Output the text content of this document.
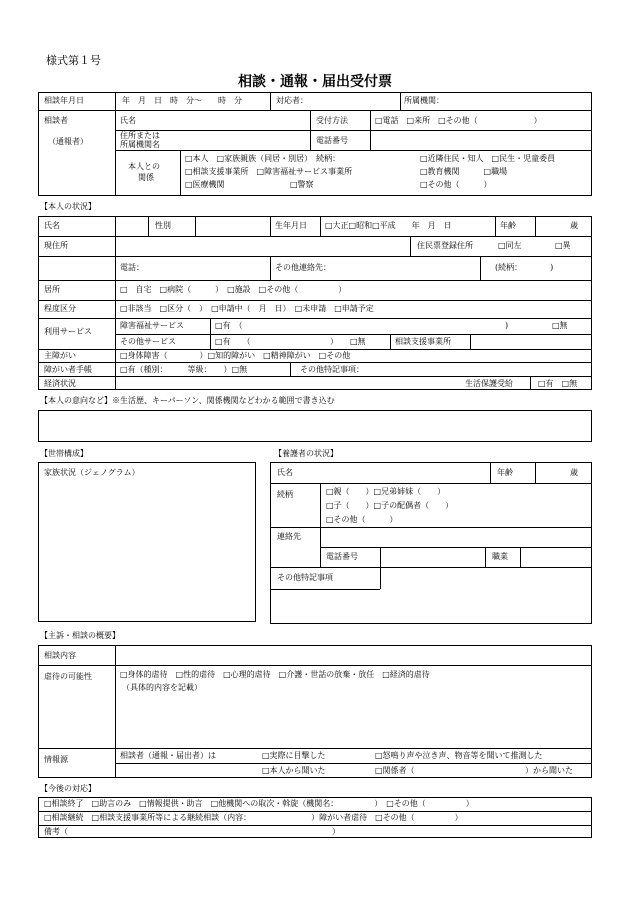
様式第１号
相談・通報・届出受付票
相談年月日	年　月　日　時　分～　　時　分	対応者：	所属機関：
相談者
（通報者）
氏名	受付方法	□電話　□来所　□その他（　　　　　　　）
住所または
所属機関名	電話番号
本人との
関係
□本人　□家族親族（同居・別居）　続柄：	□近隣住民・知人　□民生・児童委員
□相談支援事業所　□障害福祉サービス事業所	□教育機関　　　□職場
□医療機関	□警察	□その他（　　　）
【本人の状況】
氏名	性別	生年月日 □大正□昭和□平成　　年　月　日	年齢	歳
現住所	住民票登録住所	□同左	□異
電話：	その他連絡先：	(続柄：　　　　)
居所	□　自宅　□病院（　　　）　□施設　□その他（　　　　　）
程度区分	□非該当　□区分（　）　□申請中（　月　日）　□未申請　□申請予定
利用サービス
障害福祉サービス	□有　（	)	□無
その他サービス	□有　　（	）　　□無	相談支援事業所
主障がい	□身体障害（　　　　）□知的障がい　□精神障がい　□その他
障がい者手帳	□有（種別：　　　等級：　　）□無	その他特記事項：
経済状況	生活保護受給	□有　□無
【本人の意向など】※生活歴、キーパーソン、関係機関などわかる範囲で書き込む
【世帯構成】
家族状況（ジェノグラム）
【養護者の状況】
氏名	年齢	歳
続柄	□親（　　）□兄弟姉妹（　　）
□子（　　）□子の配偶者（　　）
□その他（　　　）
連絡先
電話番号	職業
その他特記事項
【主訴・相談の概要】
相談内容
虐待の可能性	□身体的虐待　□性的虐待　□心理的虐待　□介護・世話の放棄・放任　□経済的虐待
（具体的内容を記載）
情報源	相談者（通報・届出者）は	□実際に目撃した	□怒鳴り声や泣き声、物音等を聞いて推測した
□本人から聞いた	□関係者（	）から聞いた
【今後の対応】
□相談終了　□助言のみ　□情報提供・助言　□他機関への取次・斡旋（機関名：　　　　　）　□その他（　　　　　）
□相談継続　□相談支援事業所等による継続相談（内容：　　　　　　　　）障がい者虐待　□その他（　　　　　）
備考（　　　　　　　　　　　　　　　　　　　　　　　　　　　　　　　　　）
